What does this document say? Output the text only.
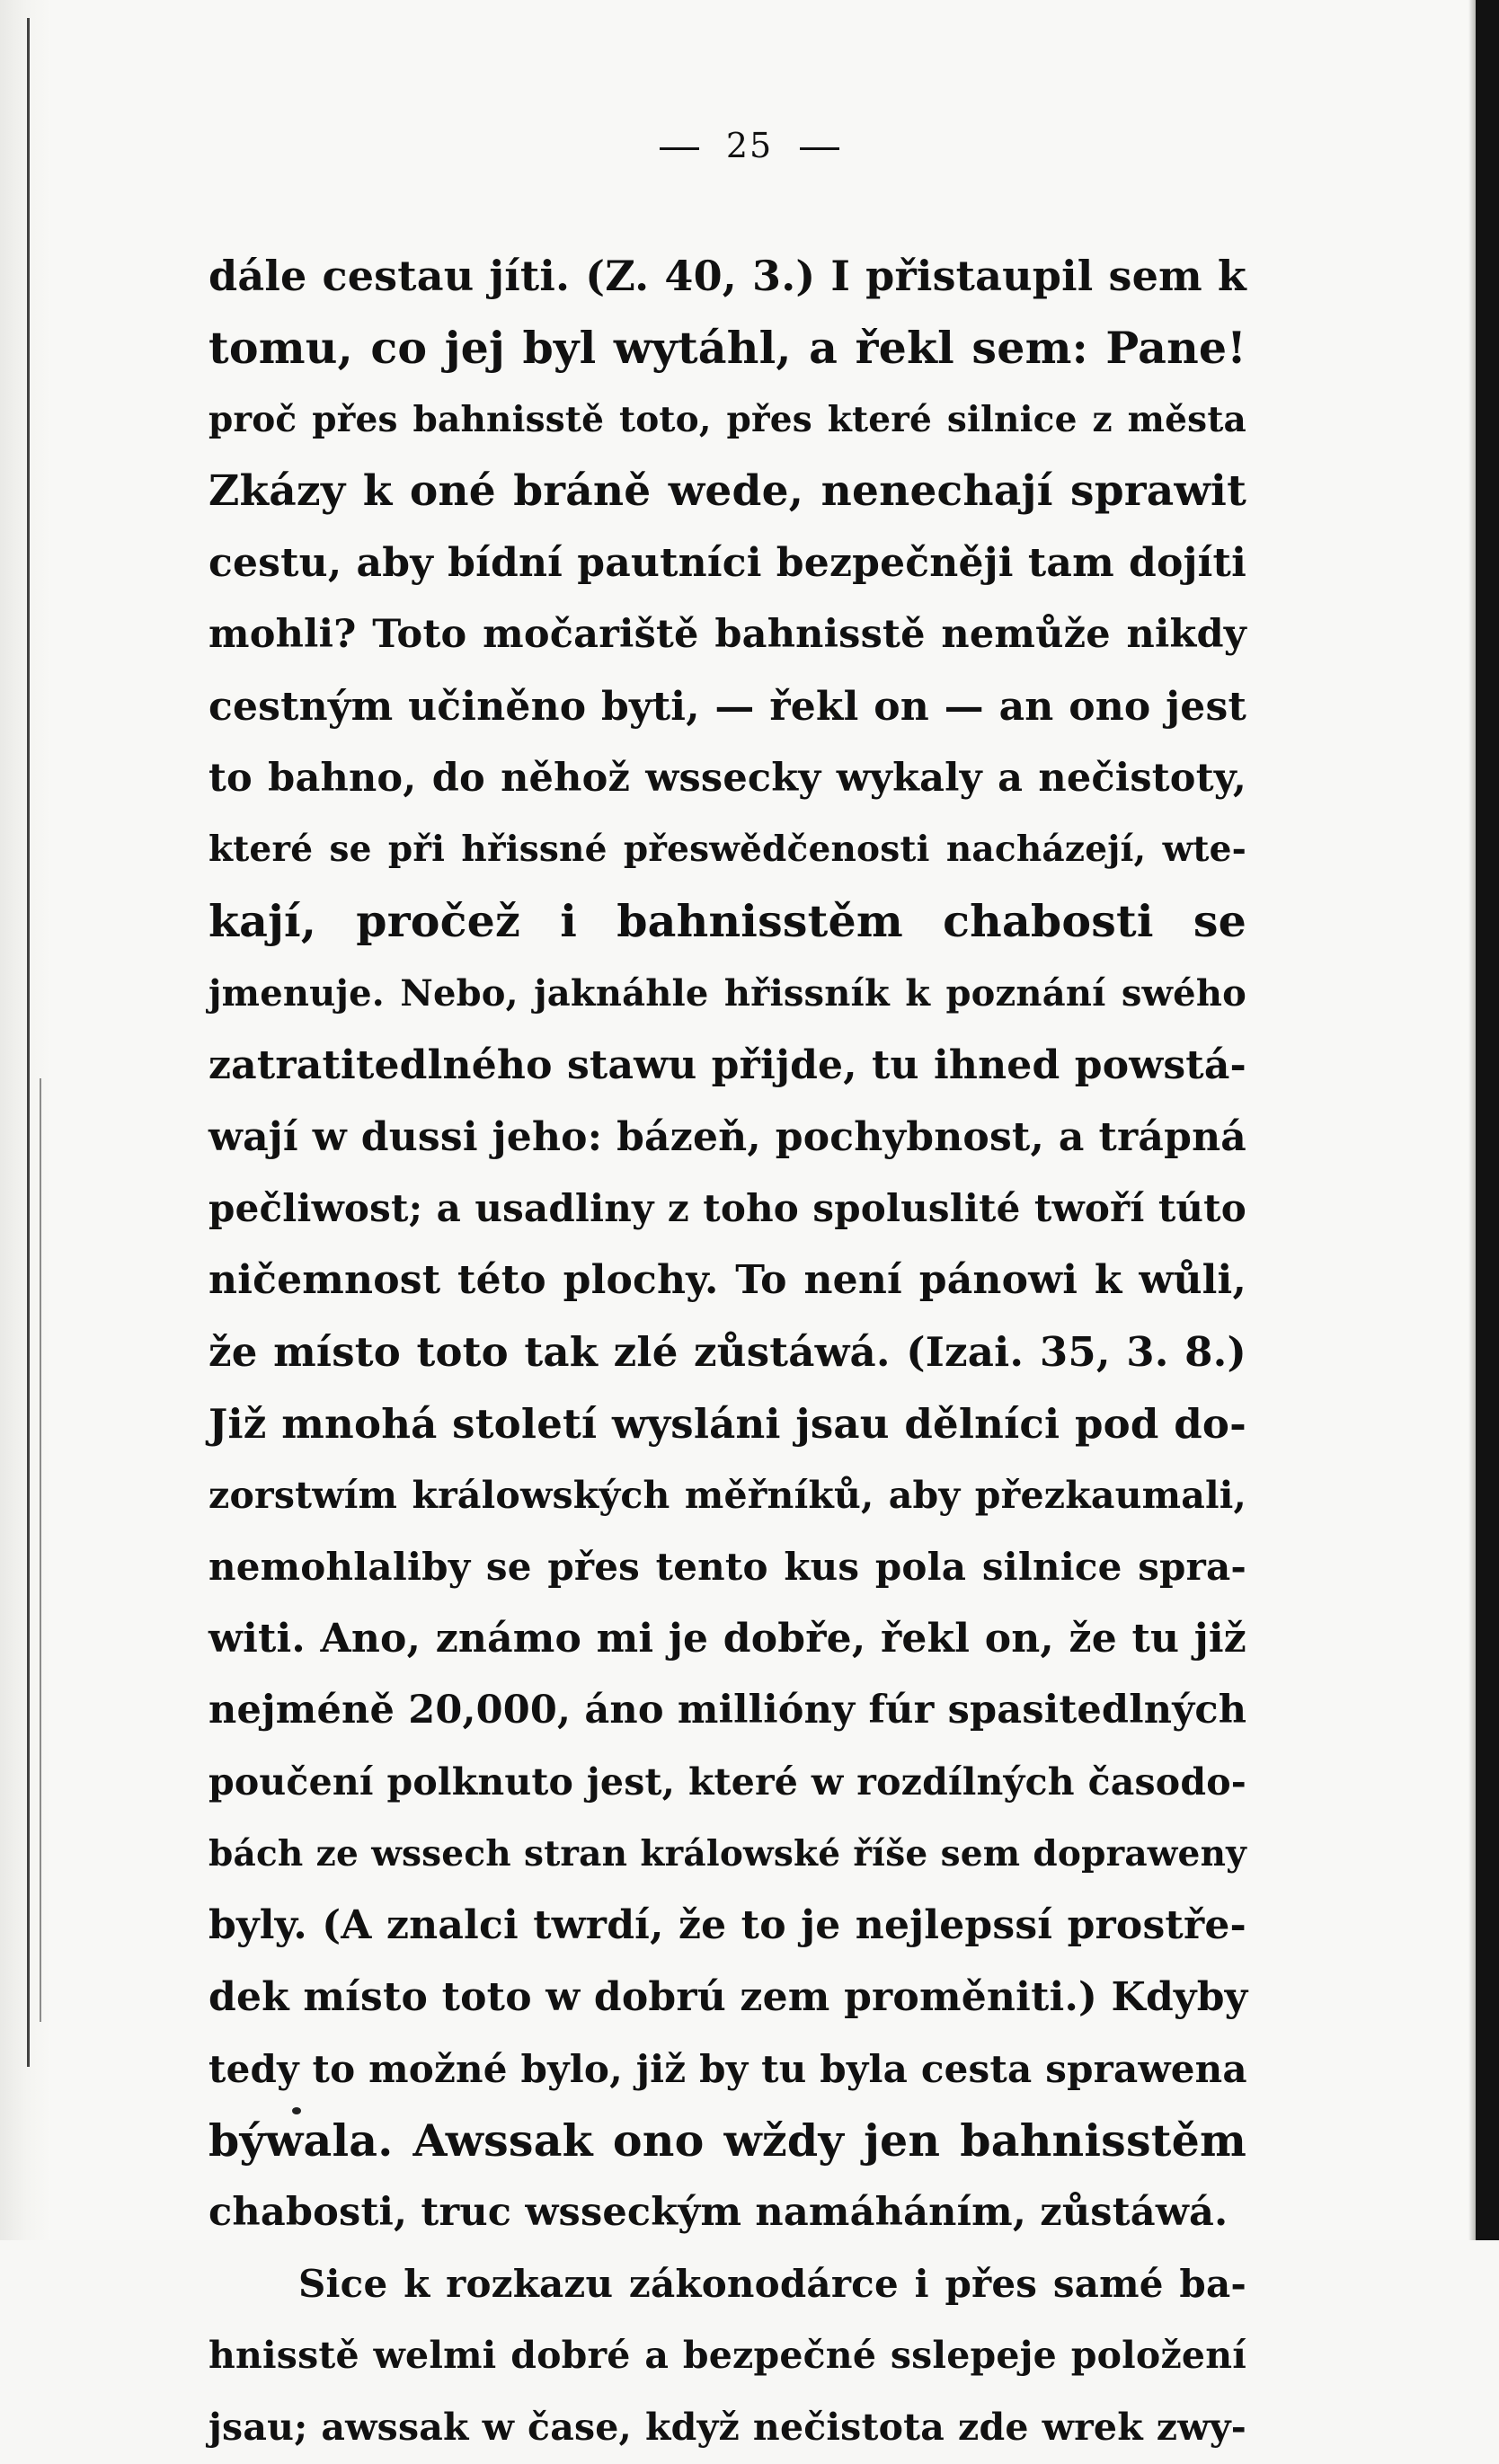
25
dále cestau jíti. (Z. 40, 3.) I přistaupil sem k
tomu, co jej byl wytáhl, a řekl sem: Pane!
proč přes bahnisstě toto, přes které silnice z města
Zkázy k oné bráně wede, nenechají sprawit
cestu, aby bídní pautníci bezpečněji tam dojíti
mohli? Toto močariště bahnisstě nemůže nikdy
cestným učiněno byti, — řekl on — an ono jest
to bahno, do něhož wssecky wykaly a nečistoty,
které se při hřissné přeswědčenosti nacházejí, wte-
kají, pročež i bahnisstěm chabosti se
jmenuje. Nebo, jaknáhle hřissník k poznání swého
zatratitedlného stawu přijde, tu ihned powstá-
wají w dussi jeho: bázeň, pochybnost, a trápná
pečliwost; a usadliny z toho spoluslité twoří túto
ničemnost této plochy. To není pánowi k wůli,
že místo toto tak zlé zůstáwá. (Izai. 35, 3. 8.)
Již mnohá století wysláni jsau dělníci pod do-
zorstwím králowských měřníků, aby přezkaumali,
nemohlaliby se přes tento kus pola silnice spra-
witi. Ano, známo mi je dobře, řekl on, že tu již
nejméně 20,000, áno millióny fúr spasitedlných
poučení polknuto jest, které w rozdílných časodo-
bách ze wssech stran králowské říše sem dopraweny
byly. (A znalci twrdí, že to je nejlepssí prostře-
dek místo toto w dobrú zem proměniti.) Kdyby
tedy to možné bylo, již by tu byla cesta sprawena
býwala. Awssak ono wždy jen bahnisstěm
chabosti, truc wsseckým namáháním, zůstáwá.
Sice k rozkazu zákonodárce i přes samé ba-
hnisstě welmi dobré a bezpečné sslepeje položení
jsau; awssak w čase, když nečistota zde wrek zwy-
